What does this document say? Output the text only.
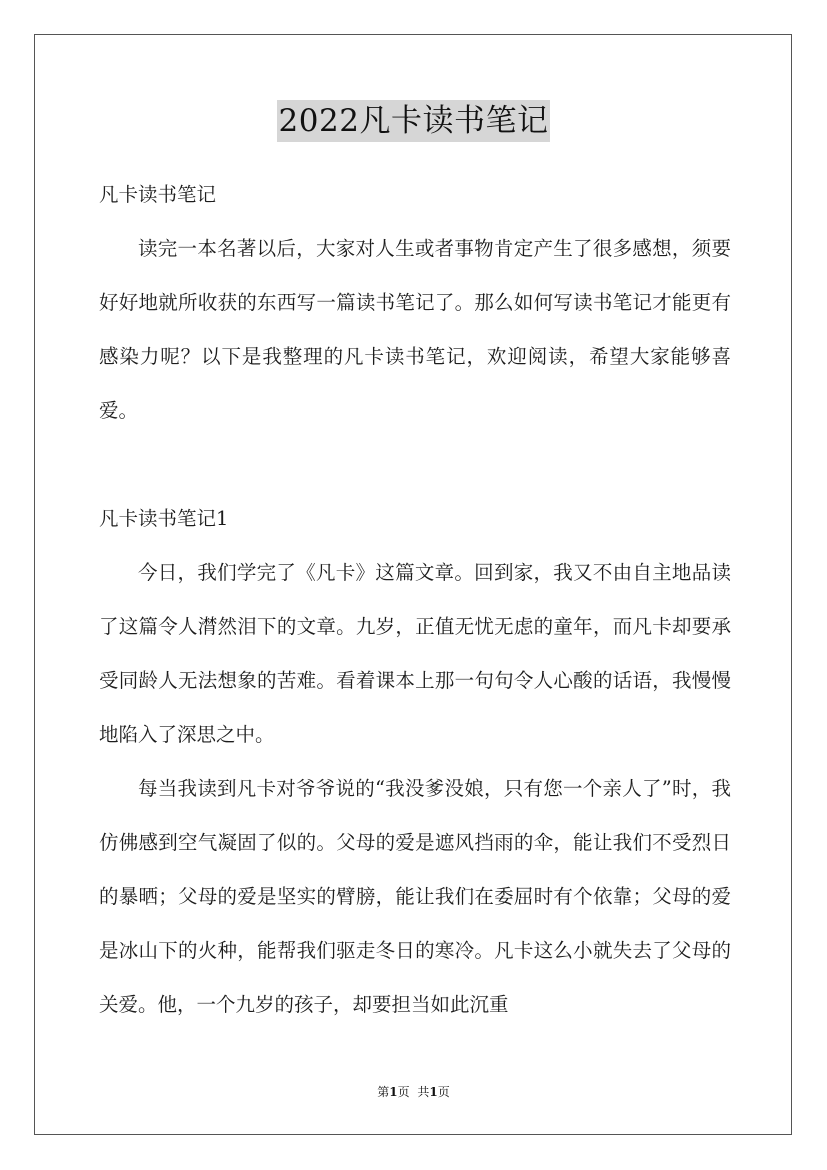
2022凡卡读书笔记

凡卡读书笔记

读完一本名著以后，大家对人生或者事物肯定产生了很多感想，须要好好地就所收获的东西写一篇读书笔记了。那么如何写读书笔记才能更有感染力呢？以下是我整理的凡卡读书笔记，欢迎阅读，希望大家能够喜爱。

凡卡读书笔记1

今日，我们学完了《凡卡》这篇文章。回到家，我又不由自主地品读了这篇令人潸然泪下的文章。九岁，正值无忧无虑的童年，而凡卡却要承受同龄人无法想象的苦难。看着课本上那一句句令人心酸的话语，我慢慢地陷入了深思之中。

每当我读到凡卡对爷爷说的“我没爹没娘，只有您一个亲人了”时，我仿佛感到空气凝固了似的。父母的爱是遮风挡雨的伞，能让我们不受烈日的暴晒；父母的爱是坚实的臂膀，能让我们在委屈时有个依靠；父母的爱是冰山下的火种，能帮我们驱走冬日的寒冷。凡卡这么小就失去了父母的关爱。他，一个九岁的孩子，却要担当如此沉重

第1页 共1页
